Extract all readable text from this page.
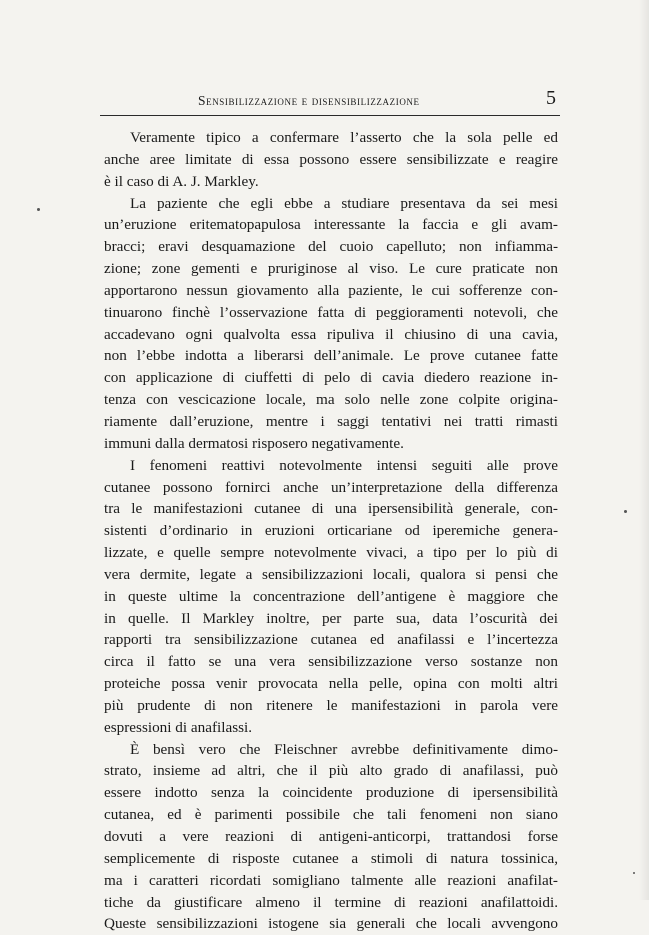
Sensibilizzazione e disensibilizzazione	5
Veramente tipico a confermare l’asserto che la sola pelle ed
anche aree limitate di essa possono essere sensibilizzate e reagire
è il caso di A. J. Markley.
La paziente che egli ebbe a studiare presentava da sei mesi
un’eruzione eritematopapulosa interessante la faccia e gli avam-
bracci; eravi desquamazione del cuoio capelluto; non infiamma-
zione; zone gementi e pruriginose al viso. Le cure praticate non
apportarono nessun giovamento alla paziente, le cui sofferenze con-
tinuarono finchè l’osservazione fatta di peggioramenti notevoli, che
accadevano ogni qualvolta essa ripuliva il chiusino di una cavia,
non l’ebbe indotta a liberarsi dell’animale. Le prove cutanee fatte
con applicazione di ciuffetti di pelo di cavia diedero reazione in-
tenza con vescicazione locale, ma solo nelle zone colpite origina-
riamente dall’eruzione, mentre i saggi tentativi nei tratti rimasti
immuni dalla dermatosi risposero negativamente.
I fenomeni reattivi notevolmente intensi seguiti alle prove
cutanee possono fornirci anche un’interpretazione della differenza
tra le manifestazioni cutanee di una ipersensibilità generale, con-
sistenti d’ordinario in eruzioni orticariane od iperemiche genera-
lizzate, e quelle sempre notevolmente vivaci, a tipo per lo più di
vera dermite, legate a sensibilizzazioni locali, qualora si pensi che
in queste ultime la concentrazione dell’antigene è maggiore che
in quelle. Il Markley inoltre, per parte sua, data l’oscurità dei
rapporti tra sensibilizzazione cutanea ed anafilassi e l’incertezza
circa il fatto se una vera sensibilizzazione verso sostanze non
proteiche possa venir provocata nella pelle, opina con molti altri
più prudente di non ritenere le manifestazioni in parola vere
espressioni di anafilassi.
È bensì vero che Fleischner avrebbe definitivamente dimo-
strato, insieme ad altri, che il più alto grado di anafilassi, può
essere indotto senza la coincidente produzione di ipersensibilità
cutanea, ed è parimenti possibile che tali fenomeni non siano
dovuti a vere reazioni di antigeni-anticorpi, trattandosi forse
semplicemente di risposte cutanee a stimoli di natura tossinica,
ma i caratteri ricordati somigliano talmente alle reazioni anafilat-
tiche da giustificare almeno il termine di reazioni anafilattoidi.
Queste sensibilizzazioni istogene sia generali che locali avvengono
